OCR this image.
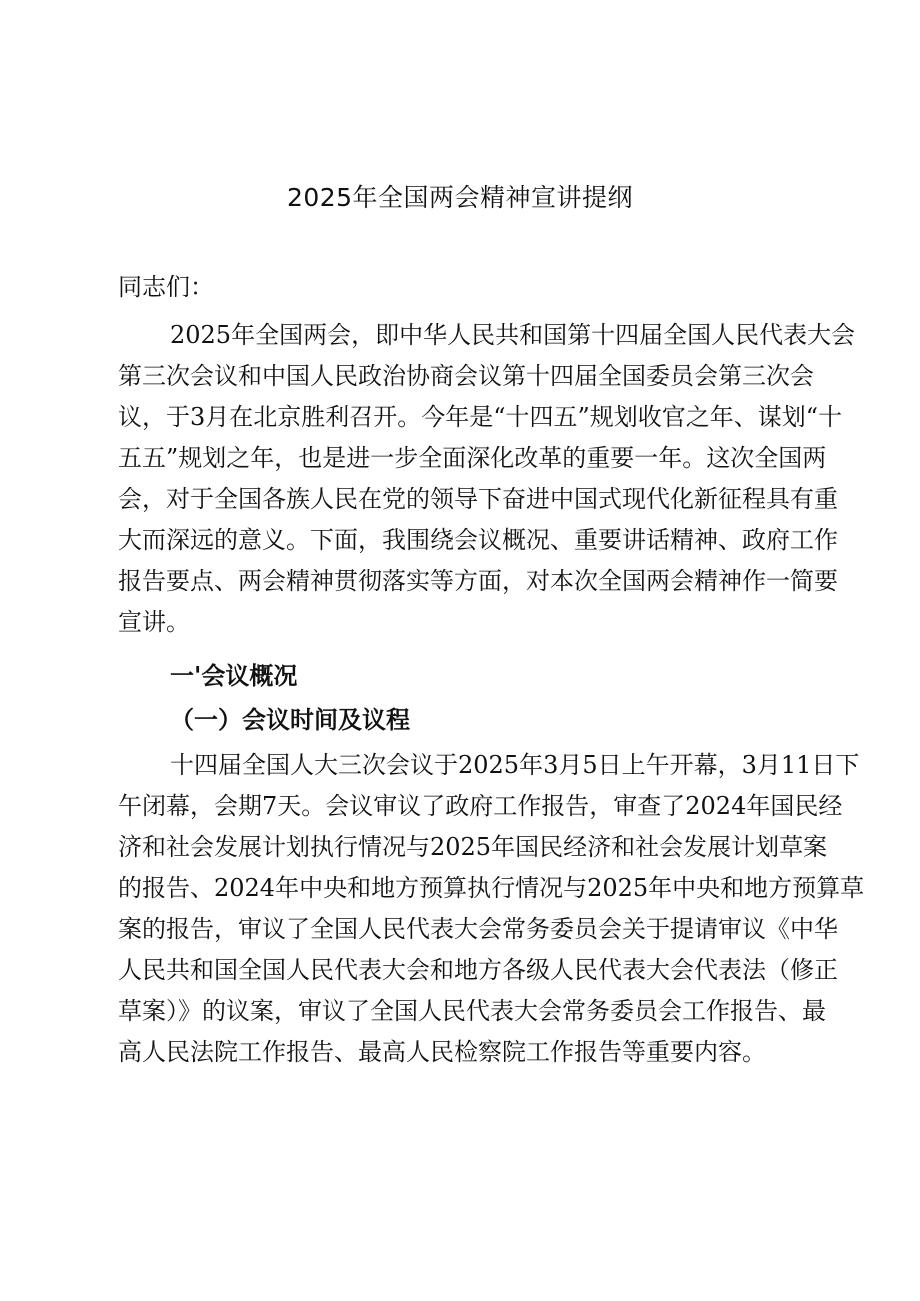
2025年全国两会精神宣讲提纲

同志们：

2025年全国两会，即中华人民共和国第十四届全国人民代表大会

第三次会议和中国人民政治协商会议第十四届全国委员会第三次会

议，于3月在北京胜利召开。今年是“十四五”规划收官之年、谋划“十

五五”规划之年，也是进一步全面深化改革的重要一年。这次全国两

会，对于全国各族人民在党的领导下奋进中国式现代化新征程具有重

大而深远的意义。下面，我围绕会议概况、重要讲话精神、政府工作

报告要点、两会精神贯彻落实等方面，对本次全国两会精神作一简要

宣讲。

一'会议概况

（一）会议时间及议程

十四届全国人大三次会议于2025年3月5日上午开幕，3月11日下

午闭幕，会期7天。会议审议了政府工作报告，审查了2024年国民经

济和社会发展计划执行情况与2025年国民经济和社会发展计划草案

的报告、2024年中央和地方预算执行情况与2025年中央和地方预算草

案的报告，审议了全国人民代表大会常务委员会关于提请审议《中华

人民共和国全国人民代表大会和地方各级人民代表大会代表法（修正

草案）》的议案，审议了全国人民代表大会常务委员会工作报告、最

高人民法院工作报告、最高人民检察院工作报告等重要内容。
